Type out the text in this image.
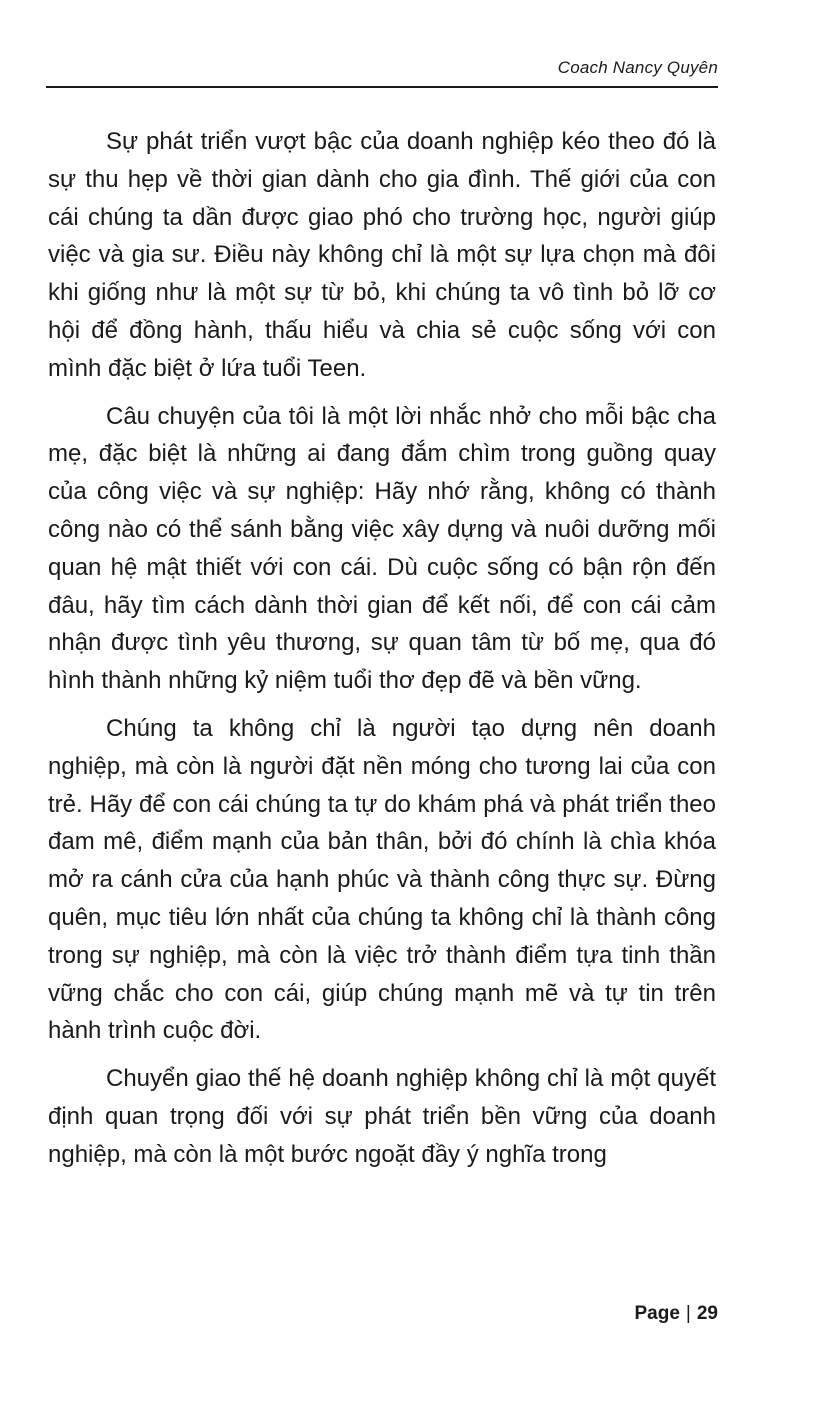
Coach Nancy Quyên

Sự phát triển vượt bậc của doanh nghiệp kéo theo đó là sự thu hẹp về thời gian dành cho gia đình. Thế giới của con cái chúng ta dần được giao phó cho trường học, người giúp việc và gia sư. Điều này không chỉ là một sự lựa chọn mà đôi khi giống như là một sự từ bỏ, khi chúng ta vô tình bỏ lỡ cơ hội để đồng hành, thấu hiểu và chia sẻ cuộc sống với con mình đặc biệt ở lứa tuổi Teen.

Câu chuyện của tôi là một lời nhắc nhở cho mỗi bậc cha mẹ, đặc biệt là những ai đang đắm chìm trong guồng quay của công việc và sự nghiệp: Hãy nhớ rằng, không có thành công nào có thể sánh bằng việc xây dựng và nuôi dưỡng mối quan hệ mật thiết với con cái. Dù cuộc sống có bận rộn đến đâu, hãy tìm cách dành thời gian để kết nối, để con cái cảm nhận được tình yêu thương, sự quan tâm từ bố mẹ, qua đó hình thành những kỷ niệm tuổi thơ đẹp đẽ và bền vững.

Chúng ta không chỉ là người tạo dựng nên doanh nghiệp, mà còn là người đặt nền móng cho tương lai của con trẻ. Hãy để con cái chúng ta tự do khám phá và phát triển theo đam mê, điểm mạnh của bản thân, bởi đó chính là chìa khóa mở ra cánh cửa của hạnh phúc và thành công thực sự. Đừng quên, mục tiêu lớn nhất của chúng ta không chỉ là thành công trong sự nghiệp, mà còn là việc trở thành điểm tựa tinh thần vững chắc cho con cái, giúp chúng mạnh mẽ và tự tin trên hành trình cuộc đời.

Chuyển giao thế hệ doanh nghiệp không chỉ là một quyết định quan trọng đối với sự phát triển bền vững của doanh nghiệp, mà còn là một bước ngoặt đầy ý nghĩa trong

Page | 29
